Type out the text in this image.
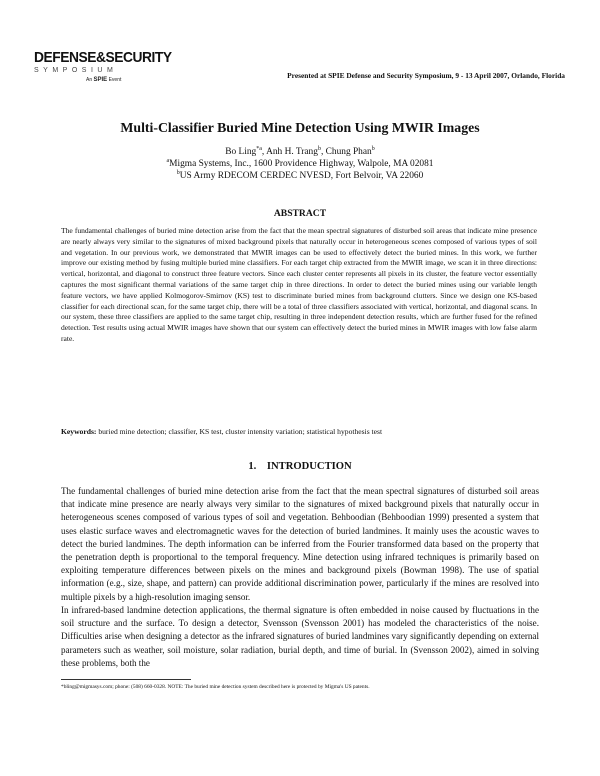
DEFENSE&SECURITY
SYMPOSIUM
An SPIE Event	Presented at SPIE Defense and Security Symposium, 9 - 13 April 2007, Orlando, Florida
Multi-Classifier Buried Mine Detection Using MWIR Images
Bo Ling$^{*a}$, Anh H. Trang$^b$, Chung Phan$^b$
$^a$Migma Systems, Inc., 1600 Providence Highway, Walpole, MA 02081
$^b$US Army RDECOM CERDEC NVESD, Fort Belvoir, VA 22060
ABSTRACT

The fundamental challenges of buried mine detection arise from the fact that the mean spectral signatures of disturbed soil areas that indicate mine presence are nearly always very similar to the signatures of mixed background pixels that naturally occur in heterogeneous scenes composed of various types of soil and vegetation. In our previous work, we demonstrated that MWIR images can be used to effectively detect the buried mines. In this work, we further improve our existing method by fusing multiple buried mine classifiers. For each target chip extracted from the MWIR image, we scan it in three directions: vertical, horizontal, and diagonal to construct three feature vectors. Since each cluster center represents all pixels in its cluster, the feature vector essentially captures the most significant thermal variations of the same target chip in three directions. In order to detect the buried mines using our variable length feature vectors, we have applied Kolmogorov-Smirnov (KS) test to discriminate buried mines from background clutters. Since we design one KS-based classifier for each directional scan, for the same target chip, there will be a total of three classifiers associated with vertical, horizontal, and diagonal scans. In our system, these three classifiers are applied to the same target chip, resulting in three independent detection results, which are further fused for the refined detection. Test results using actual MWIR images have shown that our system can effectively detect the buried mines in MWIR images with low false alarm rate.

Keywords: buried mine detection; classifier, KS test, cluster intensity variation; statistical hypothesis test

1.    INTRODUCTION

The fundamental challenges of buried mine detection arise from the fact that the mean spectral signatures of disturbed soil areas that indicate mine presence are nearly always very similar to the signatures of mixed background pixels that naturally occur in heterogeneous scenes composed of various types of soil and vegetation. Behboodian (Behboodian 1999) presented a system that uses elastic surface waves and electromagnetic waves for the detection of buried landmines. It mainly uses the acoustic waves to detect the buried landmines. The depth information can be inferred from the Fourier transformed data based on the property that the penetration depth is proportional to the temporal frequency. Mine detection using infrared techniques is primarily based on exploiting temperature differences between pixels on the mines and background pixels (Bowman 1998). The use of spatial information (e.g., size, shape, and pattern) can provide additional discrimination power, particularly if the mines are resolved into multiple pixels by a high-resolution imaging sensor.

In infrared-based landmine detection applications, the thermal signature is often embedded in noise caused by fluctuations in the soil structure and the surface. To design a detector, Svensson (Svensson 2001) has modeled the characteristics of the noise. Difficulties arise when designing a detector as the infrared signatures of buried landmines vary significantly depending on external parameters such as weather, soil moisture, solar radiation, burial depth, and time of burial. In (Svensson 2002), aimed in solving these problems, both the

*bling@migmasys.com; phone: (508) 660-0328. NOTE: The buried mine detection system described here is protected by Migma's US patents.
